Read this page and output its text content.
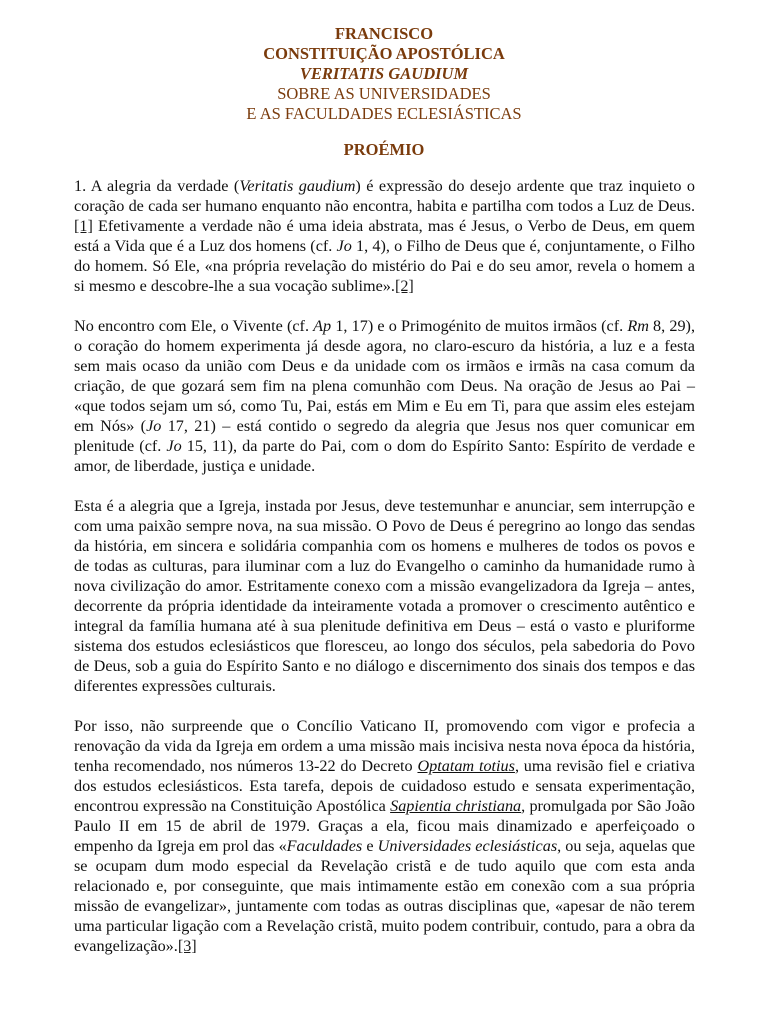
FRANCISCO
CONSTITUIÇÃO APOSTÓLICA
VERITATIS GAUDIUM
SOBRE AS UNIVERSIDADES
E AS FACULDADES ECLESIÁSTICAS
PROÉMIO

1. A alegria da verdade (Veritatis gaudium) é expressão do desejo ardente que traz inquieto o coração de cada ser humano enquanto não encontra, habita e partilha com todos a Luz de Deus.[1] Efetivamente a verdade não é uma ideia abstrata, mas é Jesus, o Verbo de Deus, em quem está a Vida que é a Luz dos homens (cf. Jo 1, 4), o Filho de Deus que é, conjuntamente, o Filho do homem. Só Ele, «na própria revelação do mistério do Pai e do seu amor, revela o homem a si mesmo e descobre-lhe a sua vocação sublime».[2]

No encontro com Ele, o Vivente (cf. Ap 1, 17) e o Primogénito de muitos irmãos (cf. Rm 8, 29), o coração do homem experimenta já desde agora, no claro-escuro da história, a luz e a festa sem mais ocaso da união com Deus e da unidade com os irmãos e irmãs na casa comum da criação, de que gozará sem fim na plena comunhão com Deus. Na oração de Jesus ao Pai – «que todos sejam um só, como Tu, Pai, estás em Mim e Eu em Ti, para que assim eles estejam em Nós» (Jo 17, 21) – está contido o segredo da alegria que Jesus nos quer comunicar em plenitude (cf. Jo 15, 11), da parte do Pai, com o dom do Espírito Santo: Espírito de verdade e amor, de liberdade, justiça e unidade.

Esta é a alegria que a Igreja, instada por Jesus, deve testemunhar e anunciar, sem interrupção e com uma paixão sempre nova, na sua missão. O Povo de Deus é peregrino ao longo das sendas da história, em sincera e solidária companhia com os homens e mulheres de todos os povos e de todas as culturas, para iluminar com a luz do Evangelho o caminho da humanidade rumo à nova civilização do amor. Estritamente conexo com a missão evangelizadora da Igreja – antes, decorrente da própria identidade da inteiramente votada a promover o crescimento autêntico e integral da família humana até à sua plenitude definitiva em Deus – está o vasto e pluriforme sistema dos estudos eclesiásticos que floresceu, ao longo dos séculos, pela sabedoria do Povo de Deus, sob a guia do Espírito Santo e no diálogo e discernimento dos sinais dos tempos e das diferentes expressões culturais.

Por isso, não surpreende que o Concílio Vaticano II, promovendo com vigor e profecia a renovação da vida da Igreja em ordem a uma missão mais incisiva nesta nova época da história, tenha recomendado, nos números 13-22 do Decreto Optatam totius, uma revisão fiel e criativa dos estudos eclesiásticos. Esta tarefa, depois de cuidadoso estudo e sensata experimentação, encontrou expressão na Constituição Apostólica Sapientia christiana, promulgada por São João Paulo II em 15 de abril de 1979. Graças a ela, ficou mais dinamizado e aperfeiçoado o empenho da Igreja em prol das «Faculdades e Universidades eclesiásticas, ou seja, aquelas que se ocupam dum modo especial da Revelação cristã e de tudo aquilo que com esta anda relacionado e, por conseguinte, que mais intimamente estão em conexão com a sua própria missão de evangelizar», juntamente com todas as outras disciplinas que, «apesar de não terem uma particular ligação com a Revelação cristã, muito podem contribuir, contudo, para a obra da evangelização».[3]
